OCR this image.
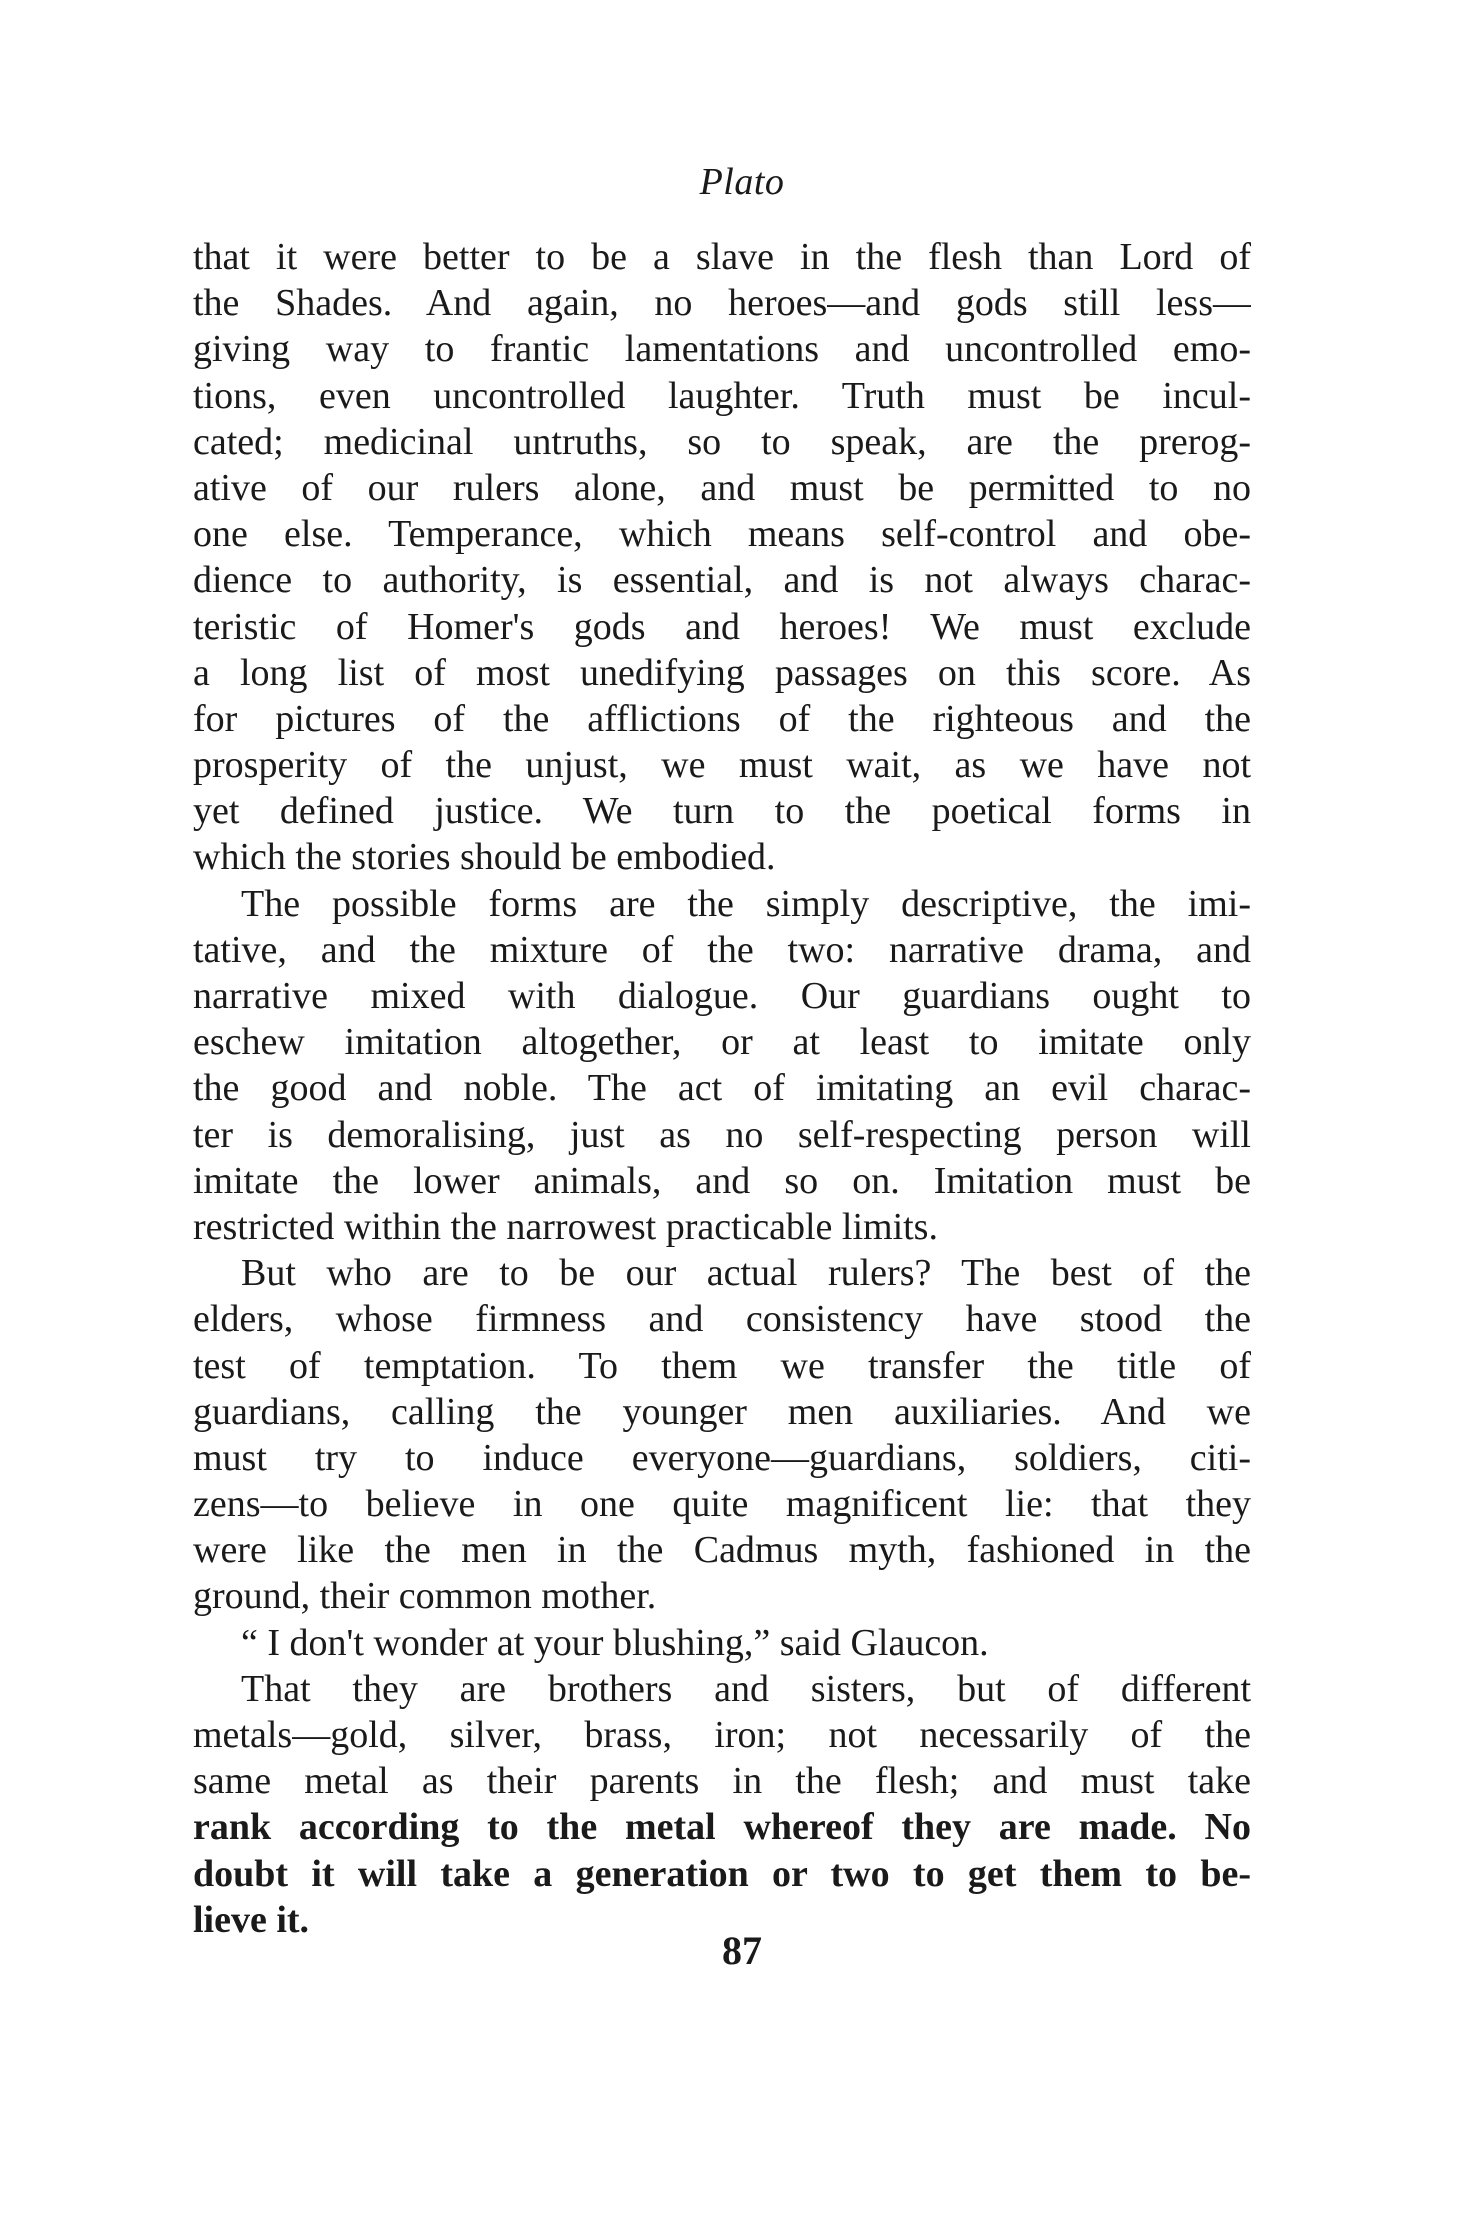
Plato
that it were better to be a slave in the flesh than Lord of
the Shades. And again, no heroes—and gods still less—
giving way to frantic lamentations and uncontrolled emo-
tions, even uncontrolled laughter. Truth must be incul-
cated; medicinal untruths, so to speak, are the prerog-
ative of our rulers alone, and must be permitted to no
one else. Temperance, which means self-control and obe-
dience to authority, is essential, and is not always charac-
teristic of Homer's gods and heroes! We must exclude
a long list of most unedifying passages on this score. As
for pictures of the afflictions of the righteous and the
prosperity of the unjust, we must wait, as we have not
yet defined justice. We turn to the poetical forms in
which the stories should be embodied.
The possible forms are the simply descriptive, the imi-
tative, and the mixture of the two: narrative drama, and
narrative mixed with dialogue. Our guardians ought to
eschew imitation altogether, or at least to imitate only
the good and noble. The act of imitating an evil charac-
ter is demoralising, just as no self-respecting person will
imitate the lower animals, and so on. Imitation must be
restricted within the narrowest practicable limits.
But who are to be our actual rulers? The best of the
elders, whose firmness and consistency have stood the
test of temptation. To them we transfer the title of
guardians, calling the younger men auxiliaries. And we
must try to induce everyone—guardians, soldiers, citi-
zens—to believe in one quite magnificent lie: that they
were like the men in the Cadmus myth, fashioned in the
ground, their common mother.
“ I don't wonder at your blushing,” said Glaucon.
That they are brothers and sisters, but of different
metals—gold, silver, brass, iron; not necessarily of the
same metal as their parents in the flesh; and must take
rank according to the metal whereof they are made. No
doubt it will take a generation or two to get them to be-
lieve it.
87
